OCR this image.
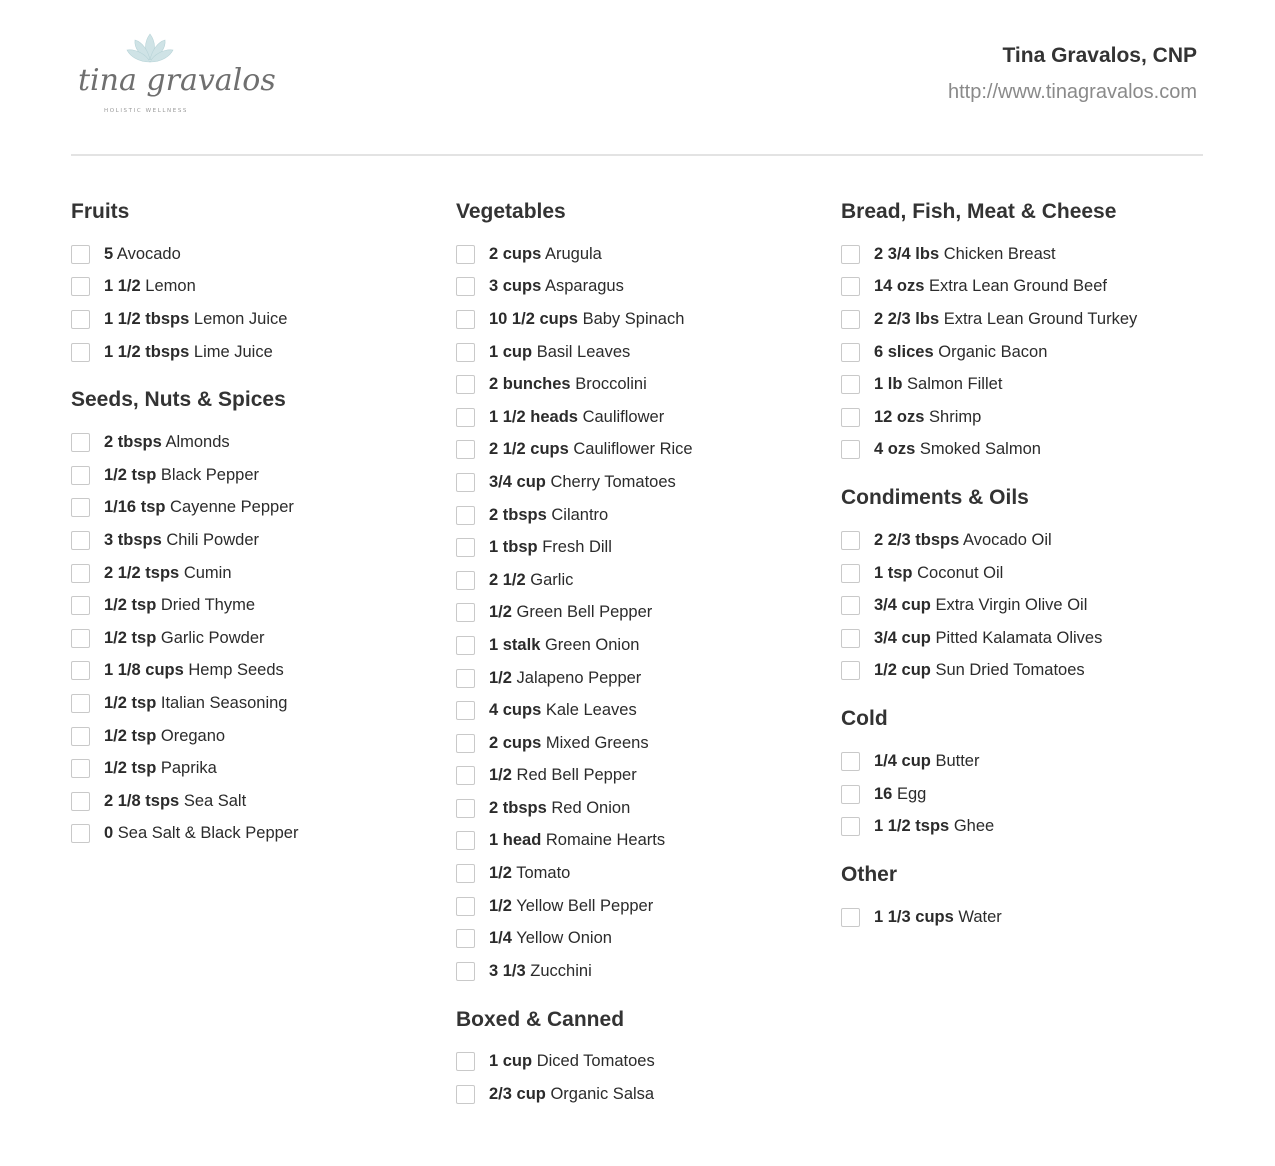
tina gravalos
HOLISTIC WELLNESS
Tina Gravalos, CNP
http://www.tinagravalos.com
Fruits
5 Avocado
1 1/2 Lemon
1 1/2 tbsps Lemon Juice
1 1/2 tbsps Lime Juice
Seeds, Nuts & Spices
2 tbsps Almonds
1/2 tsp Black Pepper
1/16 tsp Cayenne Pepper
3 tbsps Chili Powder
2 1/2 tsps Cumin
1/2 tsp Dried Thyme
1/2 tsp Garlic Powder
1 1/8 cups Hemp Seeds
1/2 tsp Italian Seasoning
1/2 tsp Oregano
1/2 tsp Paprika
2 1/8 tsps Sea Salt
0 Sea Salt & Black Pepper
Vegetables
2 cups Arugula
3 cups Asparagus
10 1/2 cups Baby Spinach
1 cup Basil Leaves
2 bunches Broccolini
1 1/2 heads Cauliflower
2 1/2 cups Cauliflower Rice
3/4 cup Cherry Tomatoes
2 tbsps Cilantro
1 tbsp Fresh Dill
2 1/2 Garlic
1/2 Green Bell Pepper
1 stalk Green Onion
1/2 Jalapeno Pepper
4 cups Kale Leaves
2 cups Mixed Greens
1/2 Red Bell Pepper
2 tbsps Red Onion
1 head Romaine Hearts
1/2 Tomato
1/2 Yellow Bell Pepper
1/4 Yellow Onion
3 1/3 Zucchini
Boxed & Canned
1 cup Diced Tomatoes
2/3 cup Organic Salsa
Bread, Fish, Meat & Cheese
2 3/4 lbs Chicken Breast
14 ozs Extra Lean Ground Beef
2 2/3 lbs Extra Lean Ground Turkey
6 slices Organic Bacon
1 lb Salmon Fillet
12 ozs Shrimp
4 ozs Smoked Salmon
Condiments & Oils
2 2/3 tbsps Avocado Oil
1 tsp Coconut Oil
3/4 cup Extra Virgin Olive Oil
3/4 cup Pitted Kalamata Olives
1/2 cup Sun Dried Tomatoes
Cold
1/4 cup Butter
16 Egg
1 1/2 tsps Ghee
Other
1 1/3 cups Water
